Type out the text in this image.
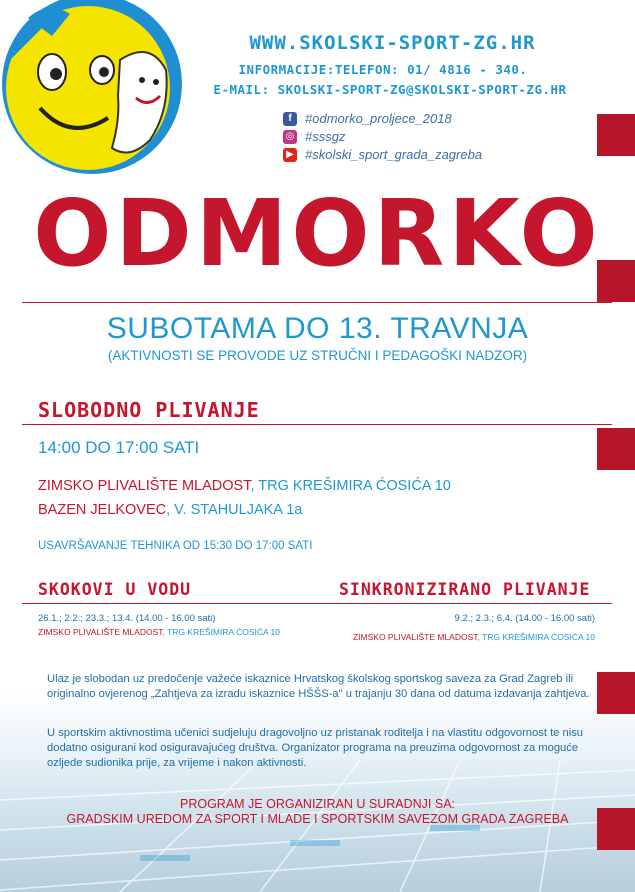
WWW.SKOLSKI-SPORT-ZG.HR
INFORMACIJE:TELEFON: 01/ 4816 - 340.
E-MAIL: SKOLSKI-SPORT-ZG@SKOLSKI-SPORT-ZG.HR
f	#odmorko_proljece_2018
◎ #sssgz
▶ #skolski_sport_grada_zagreba
ODMORKO
SUBOTAMA DO 13. TRAVNJA
(AKTIVNOSTI SE PROVODE UZ STRUČNI I PEDAGOŠKI NADZOR)
SLOBODNO PLIVANJE
14:00 DO 17:00 SATI
ZIMSKO PLIVALIŠTE MLADOST, TRG KREŠIMIRA ĆOSIĆA 10
BAZEN JELKOVEC, V. STAHULJAKA 1a
USAVRŠAVANJE TEHNIKA OD 15:30 DO 17:00 SATI
SKOKOVI U VODU
26.1.; 2.2.; 23.3.; 13.4. (14.00 - 16.00 sati)
ZIMSKO PLIVALIŠTE MLADOST, TRG KREŠIMIRA ĆOSIĆA 10
SINKRONIZIRANO PLIVANJE
9.2.; 2.3.; 6.4. (14.00 - 16.00 sati)
ZIMSKO PLIVALIŠTE MLADOST, TRG KREŠIMIRA ĆOSIĆA 10
Ulaz je slobodan uz predočenje važeće iskaznice Hrvatskog školskog sportskog saveza za Grad Zagreb ili originalno ovjerenog „Zahtjeva za izradu iskaznice HŠŠS-a" u trajanju 30 dana od datuma izdavanja zahtjeva.
U sportskim aktivnostima učenici sudjeluju dragovoljno uz pristanak roditelja i na vlastitu odgovornost te nisu dodatno osigurani kod osiguravajućeg društva. Organizator programa na preuzima odgovornost za moguće ozljede sudionika prije, za vrijeme i nakon aktivnosti.
PROGRAM JE ORGANIZIRAN U SURADNJI SA:
GRADSKIM UREDOM ZA SPORT I MLADE I SPORTSKIM SAVEZOM GRADA ZAGREBA
